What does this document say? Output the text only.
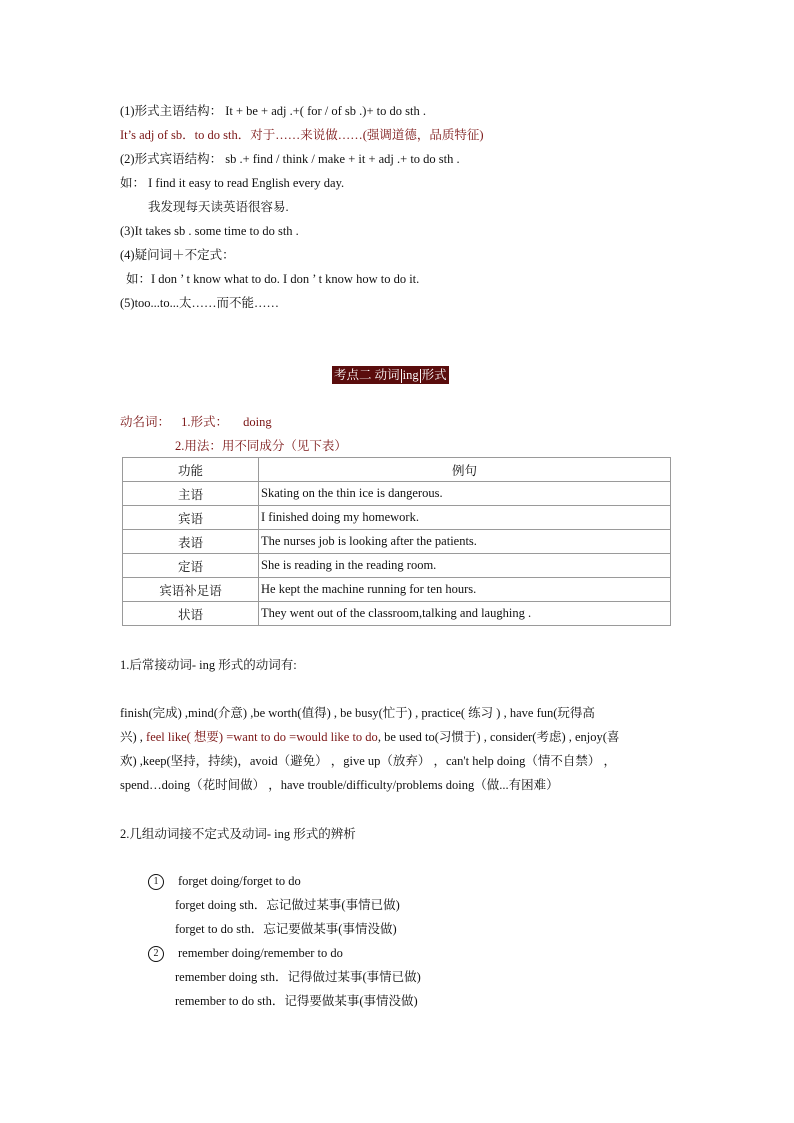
(1)形式主语结构： It + be + adj .+( for / of sb .)+ to do sth .
It’s adj of sb．to do sth．对于……来说做……(强调道德，品质特征)
(2)形式宾语结构： sb .+ find / think / make + it + adj .+ to do sth .
如： I find it easy to read English every day.
我发现每天读英语很容易.
(3)It takes sb . some time to do sth .
(4)疑问词＋不定式：
如：I don ’ t know what to do. I don ’ t know how to do it.
(5)too...to...太……而不能……
考点二 动词 ing 形式
动名词： 1.形式： doing
2.用法：用不同成分（见下表）
功能	例句
主语	Skating on the thin ice is dangerous.
宾语	I finished doing my homework.
表语	The nurses job is looking after the patients.
定语	She is reading in the reading room.
宾语补足语	He kept the machine running for ten hours.
状语	They went out of the classroom,talking and laughing .
1.后常接动词- ing 形式的动词有:
finish(完成) ,mind(介意) ,be worth(值得) , be busy(忙于) , practice( 练习 ) , have fun(玩得高
兴) , feel like( 想要) =want to do =would like to do, be used to(习惯于) , consider(考虑) , enjoy(喜
欢) ,keep(坚持，持续)，avoid（避免） ，give up（放弃） ，can't help doing（情不自禁） ，
spend…doing（花时间做） ，have trouble/difficulty/problems doing（做...有困难）
2.几组动词接不定式及动词- ing 形式的辨析
1 forget doing/forget to do
forget doing sth．忘记做过某事(事情已做)
forget to do sth．忘记要做某事(事情没做)
2 remember doing/remember to do
remember doing sth．记得做过某事(事情已做)
remember to do sth．记得要做某事(事情没做)
